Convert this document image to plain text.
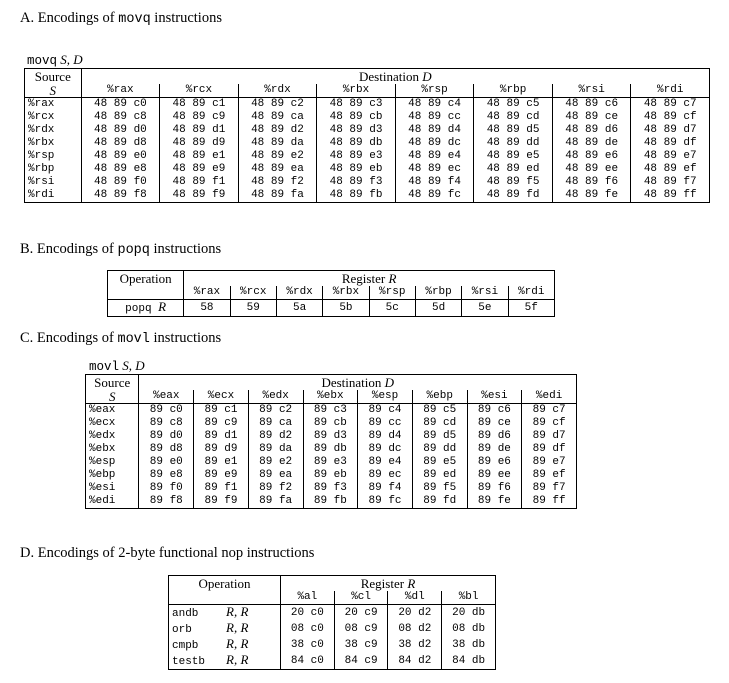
A. Encodings of movq instructions
movq S, D
Source	Destination D							
S	%rax	%rcx	%rdx	%rbx	%rsp	%rbp	%rsi	%rdi
%rax	48 89 c0	48 89 c1	48 89 c2	48 89 c3	48 89 c4	48 89 c5	48 89 c6	48 89 c7
%rcx	48 89 c8	48 89 c9	48 89 ca	48 89 cb	48 89 cc	48 89 cd	48 89 ce	48 89 cf
%rdx	48 89 d0	48 89 d1	48 89 d2	48 89 d3	48 89 d4	48 89 d5	48 89 d6	48 89 d7
%rbx	48 89 d8	48 89 d9	48 89 da	48 89 db	48 89 dc	48 89 dd	48 89 de	48 89 df
%rsp	48 89 e0	48 89 e1	48 89 e2	48 89 e3	48 89 e4	48 89 e5	48 89 e6	48 89 e7
%rbp	48 89 e8	48 89 e9	48 89 ea	48 89 eb	48 89 ec	48 89 ed	48 89 ee	48 89 ef
%rsi	48 89 f0	48 89 f1	48 89 f2	48 89 f3	48 89 f4	48 89 f5	48 89 f6	48 89 f7
%rdi	48 89 f8	48 89 f9	48 89 fa	48 89 fb	48 89 fc	48 89 fd	48 89 fe	48 89 ff
B. Encodings of popq instructions
Operation	Register R							
	%rax	%rcx	%rdx	%rbx	%rsp	%rbp	%rsi	%rdi
popq R	58	59	5a	5b	5c	5d	5e	5f
C. Encodings of movl instructions
movl S, D
Source	Destination D							
S	%eax	%ecx	%edx	%ebx	%esp	%ebp	%esi	%edi
%eax	89 c0	89 c1	89 c2	89 c3	89 c4	89 c5	89 c6	89 c7
%ecx	89 c8	89 c9	89 ca	89 cb	89 cc	89 cd	89 ce	89 cf
%edx	89 d0	89 d1	89 d2	89 d3	89 d4	89 d5	89 d6	89 d7
%ebx	89 d8	89 d9	89 da	89 db	89 dc	89 dd	89 de	89 df
%esp	89 e0	89 e1	89 e2	89 e3	89 e4	89 e5	89 e6	89 e7
%ebp	89 e8	89 e9	89 ea	89 eb	89 ec	89 ed	89 ee	89 ef
%esi	89 f0	89 f1	89 f2	89 f3	89 f4	89 f5	89 f6	89 f7
%edi	89 f8	89 f9	89 fa	89 fb	89 fc	89 fd	89 fe	89 ff
D. Encodings of 2-byte functional nop instructions
Operation	Register R			
	%al	%cl	%dl	%bl
andb R, R	20 c0	20 c9	20 d2	20 db
orb R, R	08 c0	08 c9	08 d2	08 db
cmpb R, R	38 c0	38 c9	38 d2	38 db
testb R, R	84 c0	84 c9	84 d2	84 db
